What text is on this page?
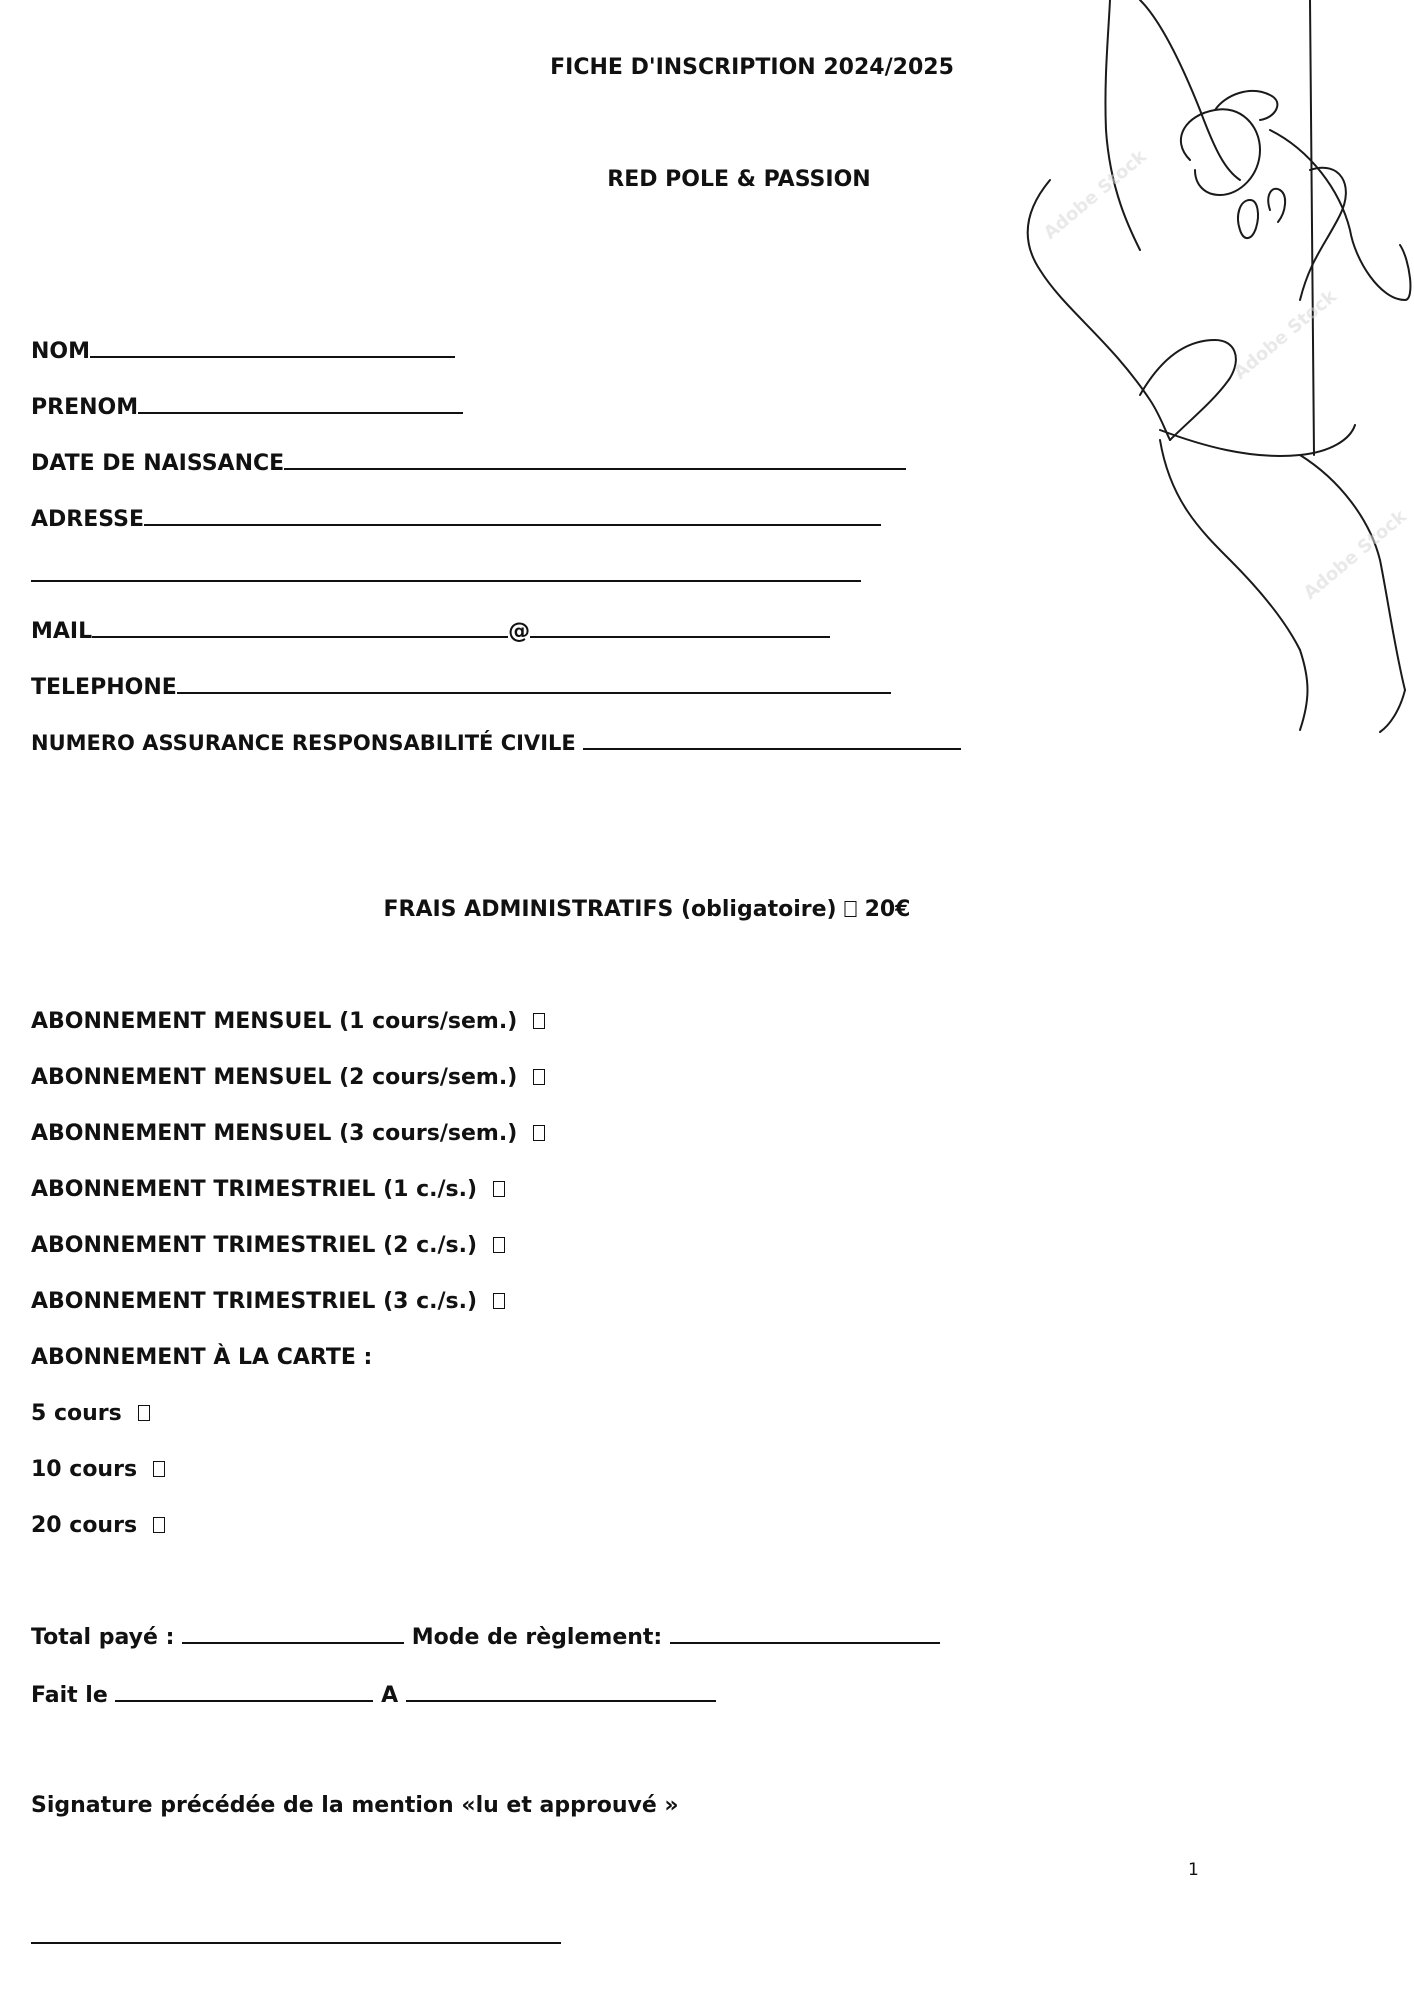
FICHE D'INSCRIPTION 2024/2025
RED POLE & PASSION
NOM
PRENOM
DATE DE NAISSANCE
ADRESSE
MAIL	@
TELEPHONE
NUMERO ASSURANCE RESPONSABILITÉ CIVILE
FRAIS ADMINISTRATIFS (obligatoire) 20€
ABONNEMENT MENSUEL (1 cours/sem.)
ABONNEMENT MENSUEL (2 cours/sem.)
ABONNEMENT MENSUEL (3 cours/sem.)
ABONNEMENT TRIMESTRIEL (1 c./s.)
ABONNEMENT TRIMESTRIEL (2 c./s.)
ABONNEMENT TRIMESTRIEL (3 c./s.)
ABONNEMENT À LA CARTE :
5 cours
10 cours
20 cours
Total payé :	Mode de règlement:
Fait le	A
Signature précédée de la mention «lu et approuvé »
1
Adobe Stock
Adobe Stock
Adobe Stock
